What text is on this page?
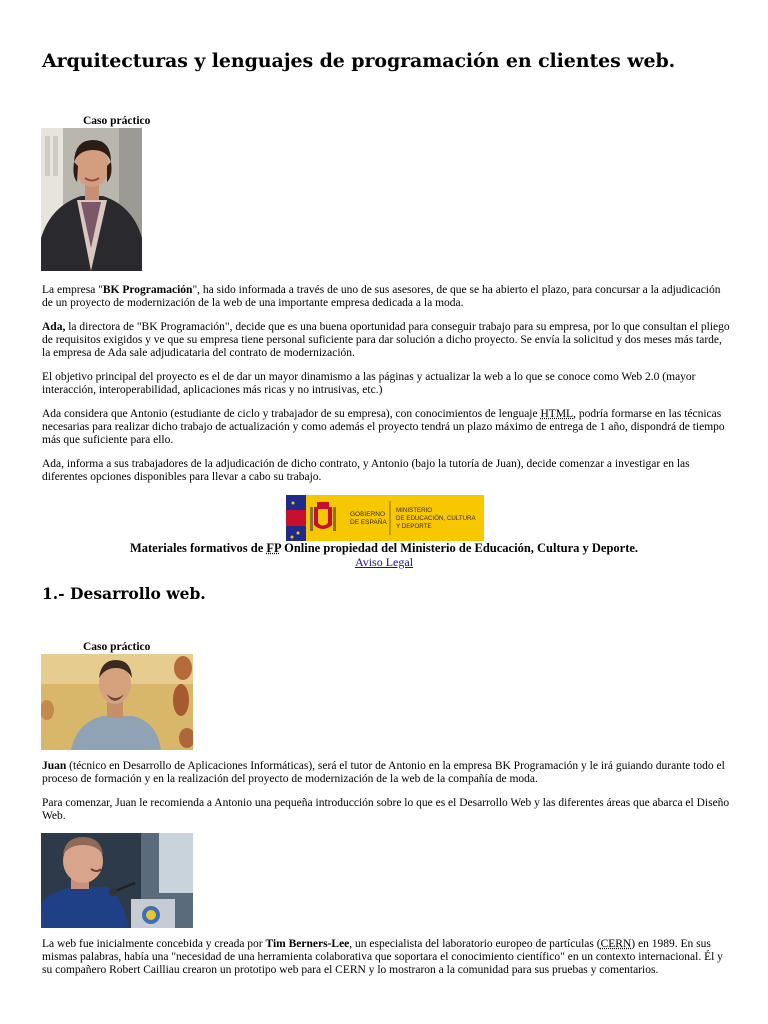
Arquitecturas y lenguajes de programación en clientes web.
Caso práctico

La empresa "BK Programación", ha sido informada a través de uno de sus asesores, de que se ha abierto el plazo, para concursar a la adjudicación de un proyecto de modernización de la web de una importante empresa dedicada a la moda.

Ada, la directora de "BK Programación", decide que es una buena oportunidad para conseguir trabajo para su empresa, por lo que consultan el pliego de requisitos exigidos y ve que su empresa tiene personal suficiente para dar solución a dicho proyecto. Se envía la solicitud y dos meses más tarde, la empresa de Ada sale adjudicataria del contrato de modernización.

El objetivo principal del proyecto es el de dar un mayor dinamismo a las páginas y actualizar la web a lo que se conoce como Web 2.0 (mayor interacción, interoperabilidad, aplicaciones más ricas y no intrusivas, etc.)

Ada considera que Antonio (estudiante de ciclo y trabajador de su empresa), con conocimientos de lenguaje HTML, podría formarse en las técnicas necesarias para realizar dicho trabajo de actualización y como además el proyecto tendrá un plazo máximo de entrega de 1 año, dispondrá de tiempo más que suficiente para ello.

Ada, informa a sus trabajadores de la adjudicación de dicho contrato, y Antonio (bajo la tutoría de Juan), decide comenzar a investigar en las diferentes opciones disponibles para llevar a cabo su trabajo.

GOBIERNO
DE ESPAÑA
MINISTERIO
DE EDUCACIÓN, CULTURA
Y DEPORTE
Materiales formativos de FP Online propiedad del Ministerio de Educación, Cultura y Deporte.
Aviso Legal
1.- Desarrollo web.
Caso práctico

Juan (técnico en Desarrollo de Aplicaciones Informáticas), será el tutor de Antonio en la empresa BK Programación y le irá guiando durante todo el proceso de formación y en la realización del proyecto de modernización de la web de la compañía de moda.

Para comenzar, Juan le recomienda a Antonio una pequeña introducción sobre lo que es el Desarrollo Web y las diferentes áreas que abarca el Diseño Web.

La web fue inicialmente concebida y creada por Tim Berners-Lee, un especialista del laboratorio europeo de partículas (CERN) en 1989. En sus mismas palabras, había una "necesidad de una herramienta colaborativa que soportara el conocimiento científico" en un contexto internacional. Él y su compañero Robert Cailliau crearon un prototipo web para el CERN y lo mostraron a la comunidad para sus pruebas y comentarios.
